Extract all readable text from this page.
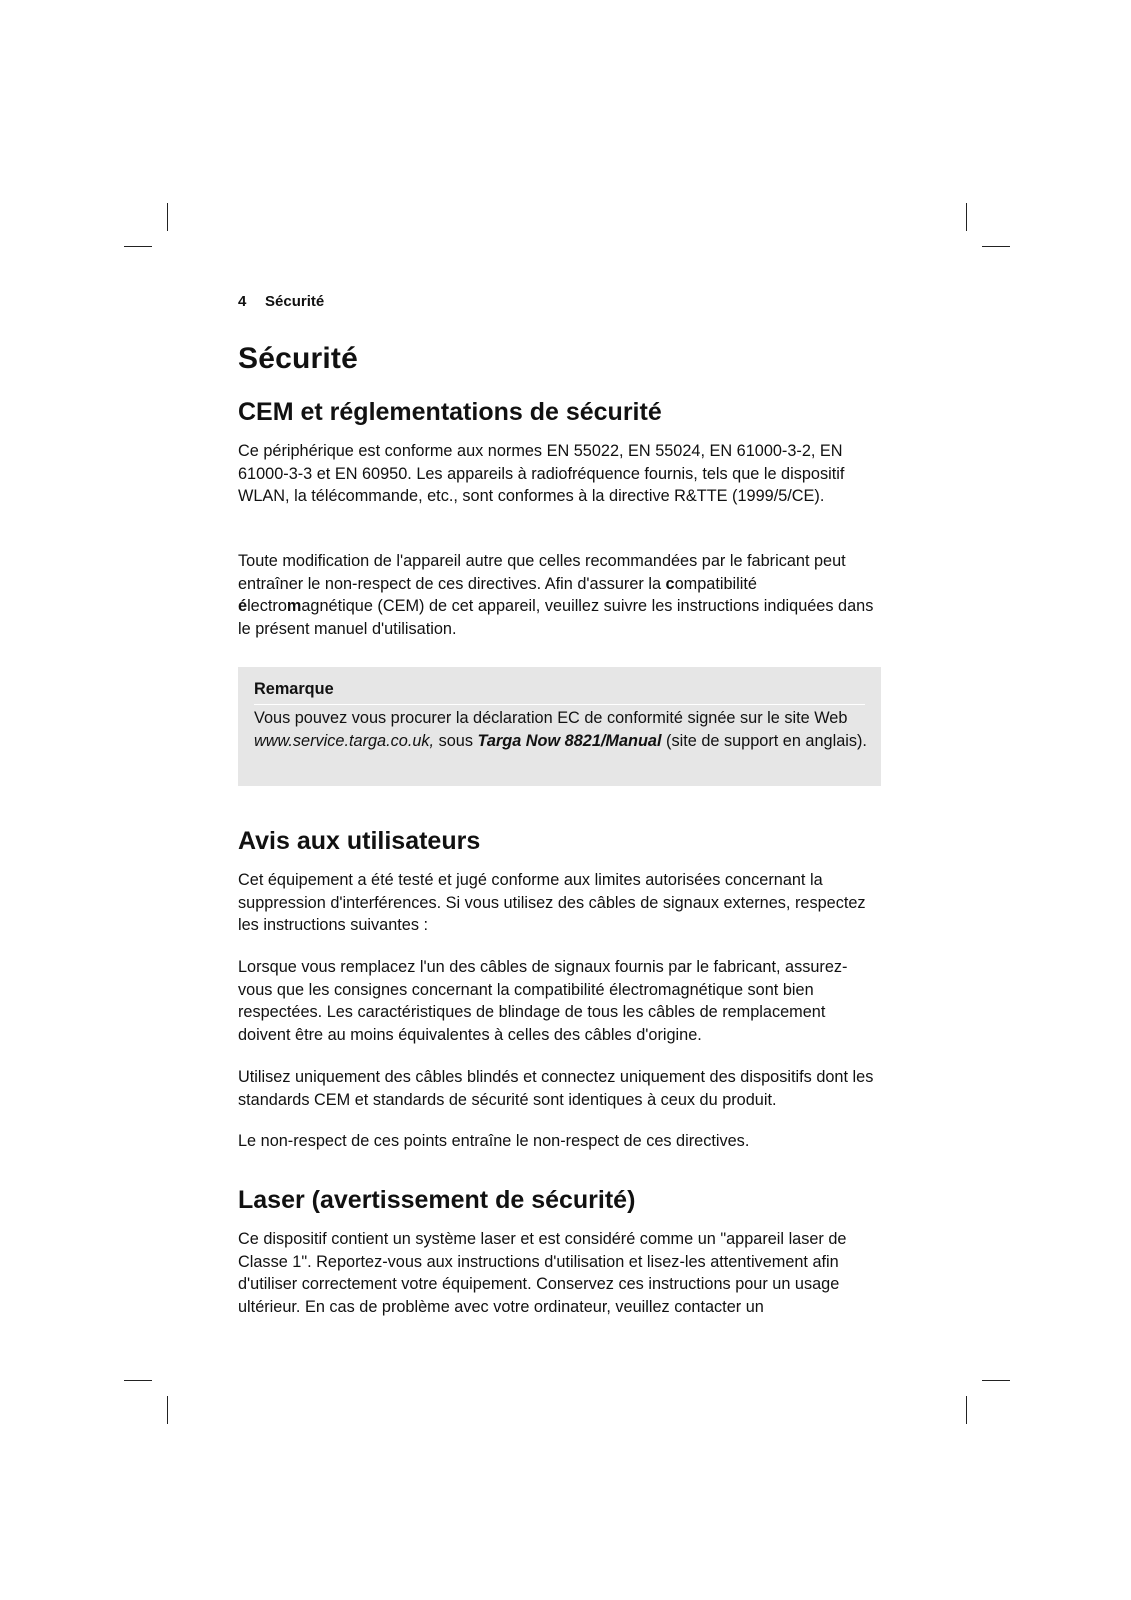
4 Sécurité
Sécurité
CEM et réglementations de sécurité

Ce périphérique est conforme aux normes EN 55022, EN 55024, EN 61000-3-2, EN 61000-3-3 et EN 60950. Les appareils à radiofréquence fournis, tels que le dispositif WLAN, la télécommande, etc., sont conformes à la directive R&TTE (1999/5/CE).

Toute modification de l'appareil autre que celles recommandées par le fabricant peut entraîner le non-respect de ces directives. Afin d'assurer la compatibilité électromagnétique (CEM) de cet appareil, veuillez suivre les instructions indiquées dans le présent manuel d'utilisation.

Remarque

Vous pouvez vous procurer la déclaration EC de conformité signée sur le site Web www.service.targa.co.uk, sous Targa Now 8821/Manual (site de support en anglais).

Avis aux utilisateurs

Cet équipement a été testé et jugé conforme aux limites autorisées concernant la suppression d'interférences. Si vous utilisez des câbles de signaux externes, respectez les instructions suivantes :

Lorsque vous remplacez l'un des câbles de signaux fournis par le fabricant, assurez-vous que les consignes concernant la compatibilité électromagnétique sont bien respectées. Les caractéristiques de blindage de tous les câbles de remplacement doivent être au moins équivalentes à celles des câbles d'origine.

Utilisez uniquement des câbles blindés et connectez uniquement des dispositifs dont les standards CEM et standards de sécurité sont identiques à ceux du produit.

Le non-respect de ces points entraîne le non-respect de ces directives.

Laser (avertissement de sécurité)

Ce dispositif contient un système laser et est considéré comme un "appareil laser de Classe 1". Reportez-vous aux instructions d'utilisation et lisez-les attentivement afin d'utiliser correctement votre équipement. Conservez ces instructions pour un usage ultérieur. En cas de problème avec votre ordinateur, veuillez contacter un
